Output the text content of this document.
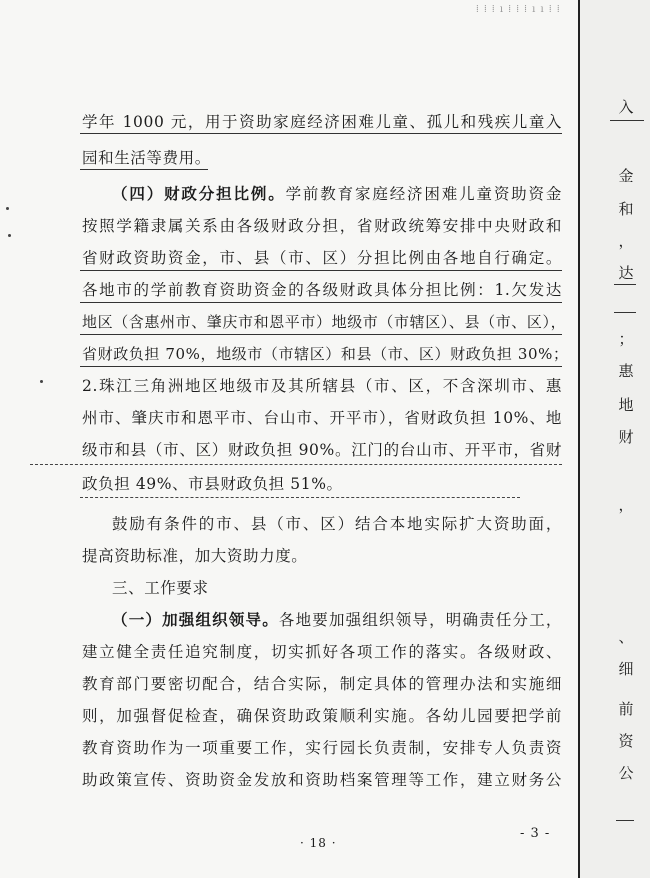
⁞ ⁞ ⁞ ı ⁞ ⁞ ⁞ ı ı ⁞ ⁞
学年 1000 元，用于资助家庭经济困难儿童、孤儿和残疾儿童入
园和生活等费用。
（四）财政分担比例。学前教育家庭经济困难儿童资助资金
按照学籍隶属关系由各级财政分担，省财政统筹安排中央财政和
省财政资助资金，市、县（市、区）分担比例由各地自行确定。
各地市的学前教育资助资金的各级财政具体分担比例：1.欠发达
地区（含惠州市、肇庆市和恩平市）地级市（市辖区）、县（市、区），
省财政负担 70%，地级市（市辖区）和县（市、区）财政负担 30%；
2.珠江三角洲地区地级市及其所辖县（市、区，不含深圳市、惠
州市、肇庆市和恩平市、台山市、开平市），省财政负担 10%、地
级市和县（市、区）财政负担 90%。江门的台山市、开平市，省财
政负担 49%、市县财政负担 51%。
鼓励有条件的市、县（市、区）结合本地实际扩大资助面，
提高资助标准，加大资助力度。
三、工作要求
（一）加强组织领导。各地要加强组织领导，明确责任分工，
建立健全责任追究制度，切实抓好各项工作的落实。各级财政、
教育部门要密切配合，结合实际，制定具体的管理办法和实施细
则，加强督促检查，确保资助政策顺利实施。各幼儿园要把学前
教育资助作为一项重要工作，实行园长负责制，安排专人负责资
助政策宣传、资助资金发放和资助档案管理等工作，建立财务公
- 3 -
· 18 ·
入
金
和
，
达
；
惠
地
财
，
、
细
前
资
公
